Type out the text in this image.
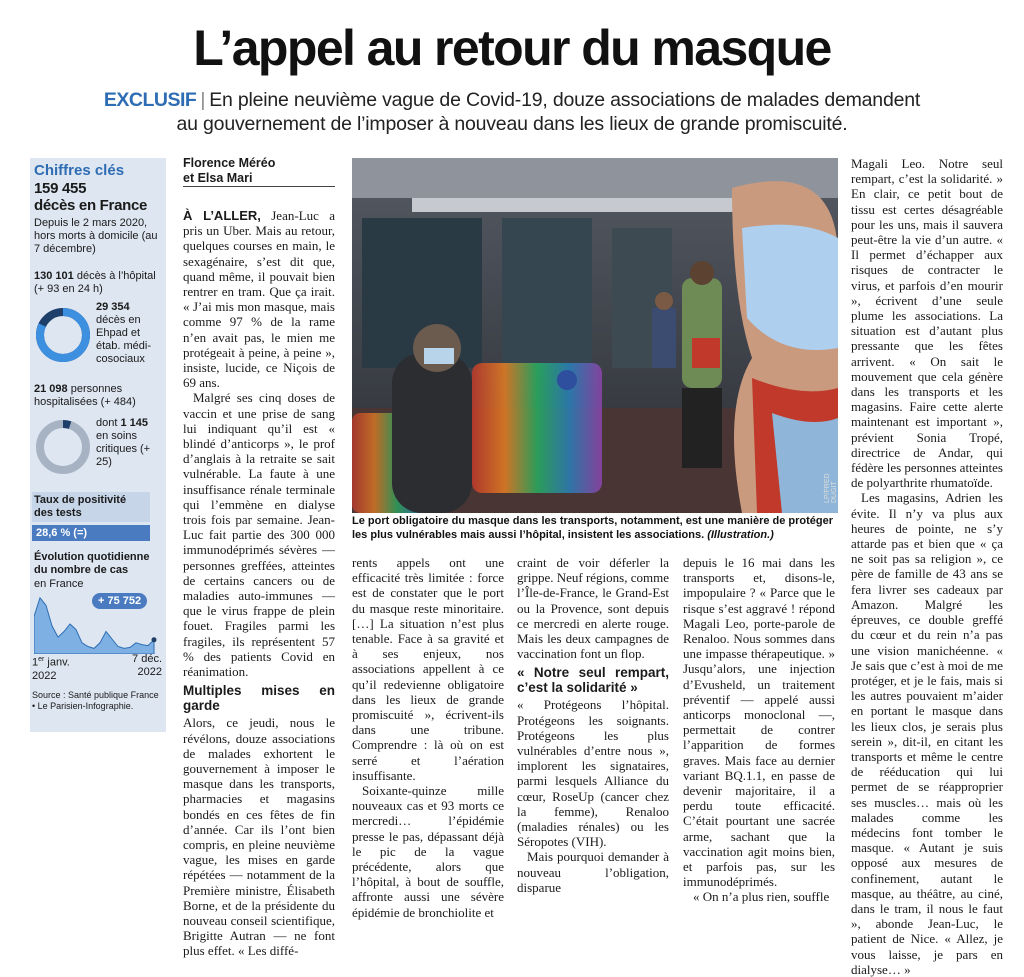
L’appel au retour du masque
EXCLUSIF | En pleine neuvième vague de Covid-19, douze associations de malades demandent
au gouvernement de l’imposer à nouveau dans les lieux de grande promiscuité.
Chiffres clés
159 455
décès en France
Depuis le 2 mars 2020, hors morts à domicile (au 7 décembre)
130 101 décès à l’hôpital (+ 93 en 24 h)
29 354
décès en Ehpad et étab. médi-cosociaux
21 098 personnes hospitalisées (+ 484)
dont 1 145
en soins critiques (+ 25)
Taux de positivité des tests
28,6 % (=)
Évolution quotidienne du nombre de cas
en France
+ 75 752
1er janv.
2022
7 déc.
2022
Source : Santé publique France • Le Parisien-Infographie.
Florence Méréo
et Elsa Mari

À L’ALLER, Jean-Luc a pris un Uber. Mais au retour, quelques courses en main, le sexagénaire, s’est dit que, quand même, il pouvait bien rentrer en tram. Que ça irait. « J’ai mis mon masque, mais comme 97 % de la rame n’en avait pas, le mien me protégeait à peine, à peine », insiste, lucide, ce Niçois de 69 ans.

Malgré ses cinq doses de vaccin et une prise de sang lui indiquant qu’il est « blindé d’anticorps », le prof d’anglais à la retraite se sait vulnérable. La faute à une insuffisance rénale terminale qui l’emmène en dialyse trois fois par semaine. Jean-Luc fait partie des 300 000 immunodéprimés sévères — personnes greffées, atteintes de certains cancers ou de maladies auto-immunes — que le virus frappe de plein fouet. Fragiles parmi les fragiles, ils représentent 57 % des patients Covid en réanimation.

Multiples mises en garde

Alors, ce jeudi, nous le révélons, douze associations de malades exhortent le gouvernement à imposer le masque dans les transports, pharmacies et magasins bondés en ces fêtes de fin d’année. Car ils l’ont bien compris, en pleine neuvième vague, les mises en garde répétées — notamment de la Première ministre, Élisabeth Borne, et de la présidente du nouveau conseil scientifique, Brigitte Autran — ne font plus effet. « Les diffé-

LP/FRED DUGIT
Le port obligatoire du masque dans les transports, notamment, est une manière de protéger les plus vulnérables mais aussi l’hôpital, insistent les associations. (Illustration.)

rents appels ont une efficacité très limitée : force est de constater que le port du masque reste minoritaire. […] La situation n’est plus tenable. Face à sa gravité et à ses enjeux, nos associations appellent à ce qu’il redevienne obligatoire dans les lieux de grande promiscuité », écrivent-ils dans une tribune. Comprendre : là où on est serré et l’aération insuffisante.

Soixante-quinze mille nouveaux cas et 93 morts ce mercredi… l’épidémie presse le pas, dépassant déjà le pic de la vague précédente, alors que l’hôpital, à bout de souffle, affronte aussi une sévère épidémie de bronchiolite et

craint de voir déferler la grippe. Neuf régions, comme l’Île-de-France, le Grand-Est ou la Provence, sont depuis ce mercredi en alerte rouge. Mais les deux campagnes de vaccination font un flop.

« Notre seul rempart, c’est la solidarité »

« Protégeons l’hôpital. Protégeons les soignants. Protégeons les plus vulnérables d’entre nous », implorent les signataires, parmi lesquels Alliance du cœur, RoseUp (cancer chez la femme), Renaloo (maladies rénales) ou les Séropotes (VIH).

Mais pourquoi demander à nouveau l’obligation, disparue

depuis le 16 mai dans les transports et, disons-le, impopulaire ? « Parce que le risque s’est aggravé ! répond Magali Leo, porte-parole de Renaloo. Nous sommes dans une impasse thérapeutique. » Jusqu’alors, une injection d’Evusheld, un traitement préventif — appelé aussi anticorps monoclonal —, permettait de contrer l’apparition de formes graves. Mais face au dernier variant BQ.1.1, en passe de devenir majoritaire, il a perdu toute efficacité. C’était pourtant une sacrée arme, sachant que la vaccination agit moins bien, et parfois pas, sur les immunodéprimés.

« On n’a plus rien, souffle

Magali Leo. Notre seul rempart, c’est la solidarité. » En clair, ce petit bout de tissu est certes désagréable pour les uns, mais il sauvera peut-être la vie d’un autre. « Il permet d’échapper aux risques de contracter le virus, et parfois d’en mourir », écrivent d’une seule plume les associations. La situation est d’autant plus pressante que les fêtes arrivent. « On sait le mouvement que cela génère dans les transports et les magasins. Faire cette alerte maintenant est important », prévient Sonia Tropé, directrice de Andar, qui fédère les personnes atteintes de polyarthrite rhumatoïde.

Les magasins, Adrien les évite. Il n’y va plus aux heures de pointe, ne s’y attarde pas et bien que « ça ne soit pas sa religion », ce père de famille de 43 ans se fera livrer ses cadeaux par Amazon. Malgré les épreuves, ce double greffé du cœur et du rein n’a pas une vision manichéenne. « Je sais que c’est à moi de me protéger, et je le fais, mais si les autres pouvaient m’aider en portant le masque dans les lieux clos, je serais plus serein », dit-il, en citant les transports et même le centre de rééducation qui lui permet de se réapproprier ses muscles… mais où les malades comme les médecins font tomber le masque. « Autant je suis opposé aux mesures de confinement, autant le masque, au théâtre, au ciné, dans le tram, il nous le faut », abonde Jean-Luc, le patient de Nice. « Allez, je vous laisse, je pars en dialyse… »
